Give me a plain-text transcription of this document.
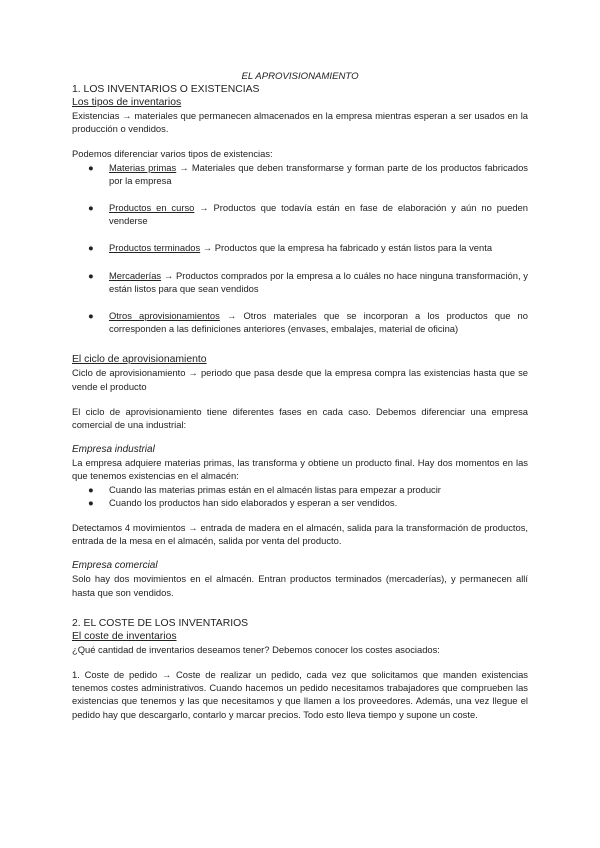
EL APROVISIONAMIENTO

1. LOS INVENTARIOS O EXISTENCIAS

Los tipos de inventarios

Existencias → materiales que permanecen almacenados en la empresa mientras esperan a ser usados en la producción o vendidos.

Podemos diferenciar varios tipos de existencias:

● Materias primas → Materiales que deben transformarse y forman parte de los productos fabricados por la empresa
● Productos en curso → Productos que todavía están en fase de elaboración y aún no pueden venderse
● Productos terminados → Productos que la empresa ha fabricado y están listos para la venta
● Mercaderías → Productos comprados por la empresa a lo cuáles no hace ninguna transformación, y están listos para que sean vendidos
● Otros aprovisionamientos → Otros materiales que se incorporan a los productos que no corresponden a las definiciones anteriores (envases, embalajes, material de oficina)

El ciclo de aprovisionamiento

Ciclo de aprovisionamiento → periodo que pasa desde que la empresa compra las existencias hasta que se vende el producto

El ciclo de aprovisionamiento tiene diferentes fases en cada caso. Debemos diferenciar una empresa comercial de una industrial:

Empresa industrial

La empresa adquiere materias primas, las transforma y obtiene un producto final. Hay dos momentos en las que tenemos existencias en el almacén:

● Cuando las materias primas están en el almacén listas para empezar a producir
● Cuando los productos han sido elaborados y esperan a ser vendidos.

Detectamos 4 movimientos → entrada de madera en el almacén, salida para la transformación de productos, entrada de la mesa en el almacén, salida por venta del producto.

Empresa comercial

Solo hay dos movimientos en el almacén. Entran productos terminados (mercaderías), y permanecen allí hasta que son vendidos.

2. EL COSTE DE LOS INVENTARIOS

El coste de inventarios

¿Qué cantidad de inventarios deseamos tener? Debemos conocer los costes asociados:

1. Coste de pedido → Coste de realizar un pedido, cada vez que solicitamos que manden existencias tenemos costes administrativos. Cuando hacemos un pedido necesitamos trabajadores que comprueben las existencias que tenemos y las que necesitamos y que llamen a los proveedores. Además, una vez llegue el pedido hay que descargarlo, contarlo y marcar precios. Todo esto lleva tiempo y supone un coste.
